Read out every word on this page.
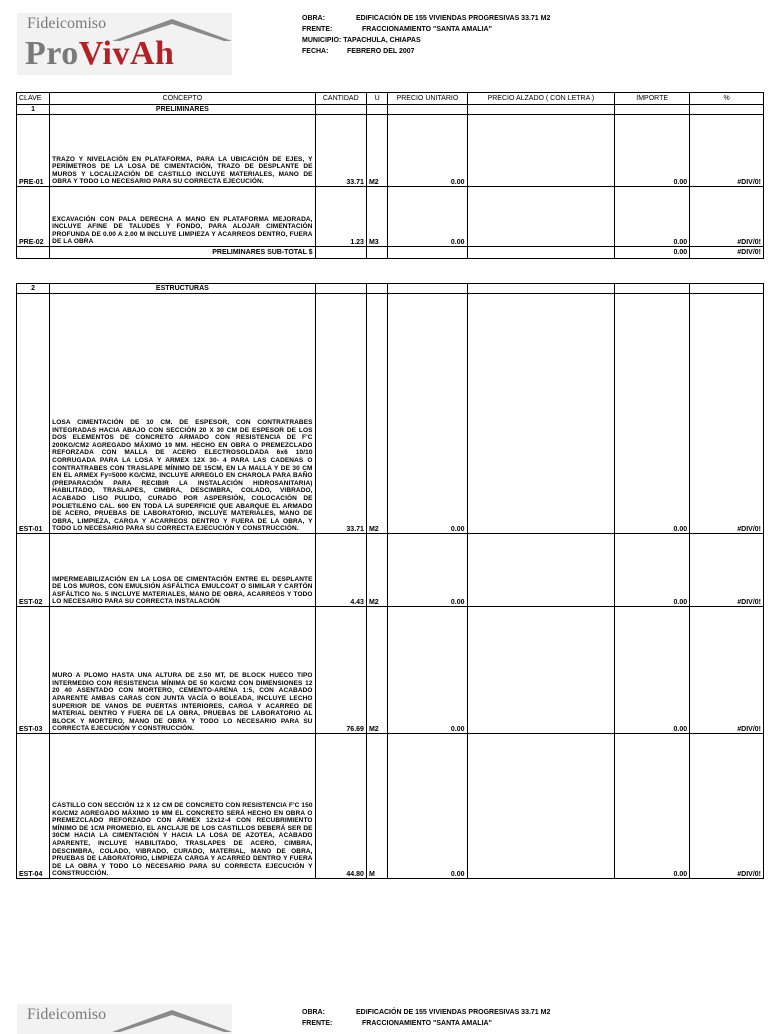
Fideicomiso
ProVivAh
OBRA:	EDIFICACIÓN DE 155 VIVIENDAS PROGRESIVAS 33.71 M2
FRENTE:	FRACCIONAMIENTO "SANTA AMALIA"
MUNICIPIO: TAPACHULA, CHIAPAS
FECHA:	FEBRERO DEL 2007
CLAVE	CONCEPTO	CANTIDAD	U	PRECIO UNITARIO	PRECIO ALZADO ( CON LETRA )	IMPORTE	%
1	PRELIMINARES						
PRE-01	TRAZO Y NIVELACIÓN EN PLATAFORMA, PARA LA UBICACIÓN DE EJES, Y PERÍMETROS DE LA LOSA DE CIMENTACIÓN, TRAZO DE DESPLANTE DE MUROS Y LOCALIZACIÓN DE CASTILLO INCLUYE MATERIALES, MANO DE OBRA Y TODO LO NECESARIO PARA SU CORRECTA EJECUCIÓN.	33.71	M2	0.00		0.00	#DIV/0!
PRE-02	EXCAVACIÓN CON PALA DERECHA A MANO EN PLATAFORMA MEJORADA, INCLUYE AFINE DE TALUDES Y FONDO, PARA ALOJAR CIMENTACIÓN PROFUNDA DE 0.00 A 2.00 M INCLUYE LIMPIEZA Y ACARREOS DENTRO, FUERA DE LA OBRA	1.23	M3	0.00		0.00	#DIV/0!
	PRELIMINARES SUB-TOTAL $					0.00	#DIV/0!
2	ESTRUCTURAS						
EST-01	LOSA CIMENTACIÓN DE 10 CM. DE ESPESOR, CON CONTRATRABES INTEGRADAS HACIA ABAJO CON SECCIÓN 20 X 30 CM DE ESPESOR DE LOS DOS ELEMENTOS DE CONCRETO ARMADO CON RESISTENCIA DE F'C 200KG/CM2 AGREGADO MÁXIMO 19 MM. HECHO EN OBRA O PREMEZCLADO REFORZADA CON MALLA DE ACERO ELECTROSOLDADA 6x6 10/10 CORRUGADA PARA LA LOSA Y ARMEX 12X 30- 4 PARA LAS CADENAS O CONTRATRABES CON TRASLAPE MÍNIMO DE 15CM, EN LA MALLA Y DE 30 CM EN EL ARMEX Fy=5000 KG/CM2, INCLUYE ARREGLO EN CHAROLA PARA BAÑO (PREPARACIÓN PARA RECIBIR LA INSTALACIÓN HIDROSANITARIA) HABILITADO, TRASLAPES, CIMBRA, DESCIMBRA, COLADO, VIBRADO, ACABADO LISO PULIDO, CURADO POR ASPERSIÓN, COLOCACIÓN DE POLIETILENO CAL. 600 EN TODA LA SUPERFICIE QUE ABARQUE EL ARMADO DE ACERO, PRUEBAS DE LABORATORIO, INCLUYE MATERIALES, MANO DE OBRA, LIMPIEZA, CARGA Y ACARREOS DENTRO Y FUERA DE LA OBRA, Y TODO LO NECESARIO PARA SU CORRECTA EJECUCIÓN Y CONSTRUCCIÓN.	33.71	M2	0.00		0.00	#DIV/0!
EST-02	IMPERMEABILIZACIÓN EN LA LOSA DE CIMENTACIÓN ENTRE EL DESPLANTE DE LOS MUROS, CON EMULSIÓN ASFÁLTICA EMULCOAT O SIMILAR Y CARTÓN ASFÁLTICO No. 5 INCLUYE MATERIALES, MANO DE OBRA, ACARREOS Y TODO LO NECESARIO PARA SU CORRECTA INSTALACIÓN	4.43	M2	0.00		0.00	#DIV/0!
EST-03	MURO A PLOMO HASTA UNA ALTURA DE 2.50 MT, DE BLOCK HUECO TIPO INTERMEDIO CON RESISTENCIA MÍNIMA DE 50 KG/CM2 CON DIMENSIONES 12 20 40 ASENTADO CON MORTERO, CEMENTO-ARENA 1:5, CON ACABADO APARENTE AMBAS CARAS CON JUNTA VACÍA O BOLEADA, INCLUYE LECHO SUPERIOR DE VANOS DE PUERTAS INTERIORES, CARGA Y ACARREO DE MATERIAL DENTRO Y FUERA DE LA OBRA, PRUEBAS DE LABORATORIO AL BLOCK Y MORTERO, MANO DE OBRA Y TODO LO NECESARIO PARA SU CORRECTA EJECUCIÓN Y CONSTRUCCIÓN.	76.69	M2	0.00		0.00	#DIV/0!
EST-04	CASTILLO CON SECCIÓN 12 X 12 CM DE CONCRETO CON RESISTENCIA F'C 150 KG/CM2 AGREGADO MÁXIMO 19 MM EL CONCRETO SERÁ HECHO EN OBRA O PREMEZCLADO REFORZADO CON ARMEX 12x12-4 CON RECUBRIMIENTO MÍNIMO DE 1CM PROMEDIO, EL ANCLAJE DE LOS CASTILLOS DEBERÁ SER DE 30CM HACIA LA CIMENTACIÓN Y HACIA LA LOSA DE AZOTEA, ACABADO APARENTE, INCLUYE HABILITADO, TRASLAPES DE ACERO, CIMBRA, DESCIMBRA, COLADO, VIBRADO, CURADO, MATERIAL, MANO DE OBRA, PRUEBAS DE LABORATORIO, LIMPIEZA CARGA Y ACARREO DENTRO Y FUERA DE LA OBRA Y TODO LO NECESARIO PARA SU CORRECTA EJECUCIÓN Y CONSTRUCCIÓN.	44.80	M	0.00		0.00	#DIV/0!
Fideicomiso	OBRA:	EDIFICACIÓN DE 155 VIVIENDAS PROGRESIVAS 33.71 M2
FRENTE:	FRACCIONAMIENTO "SANTA AMALIA"
